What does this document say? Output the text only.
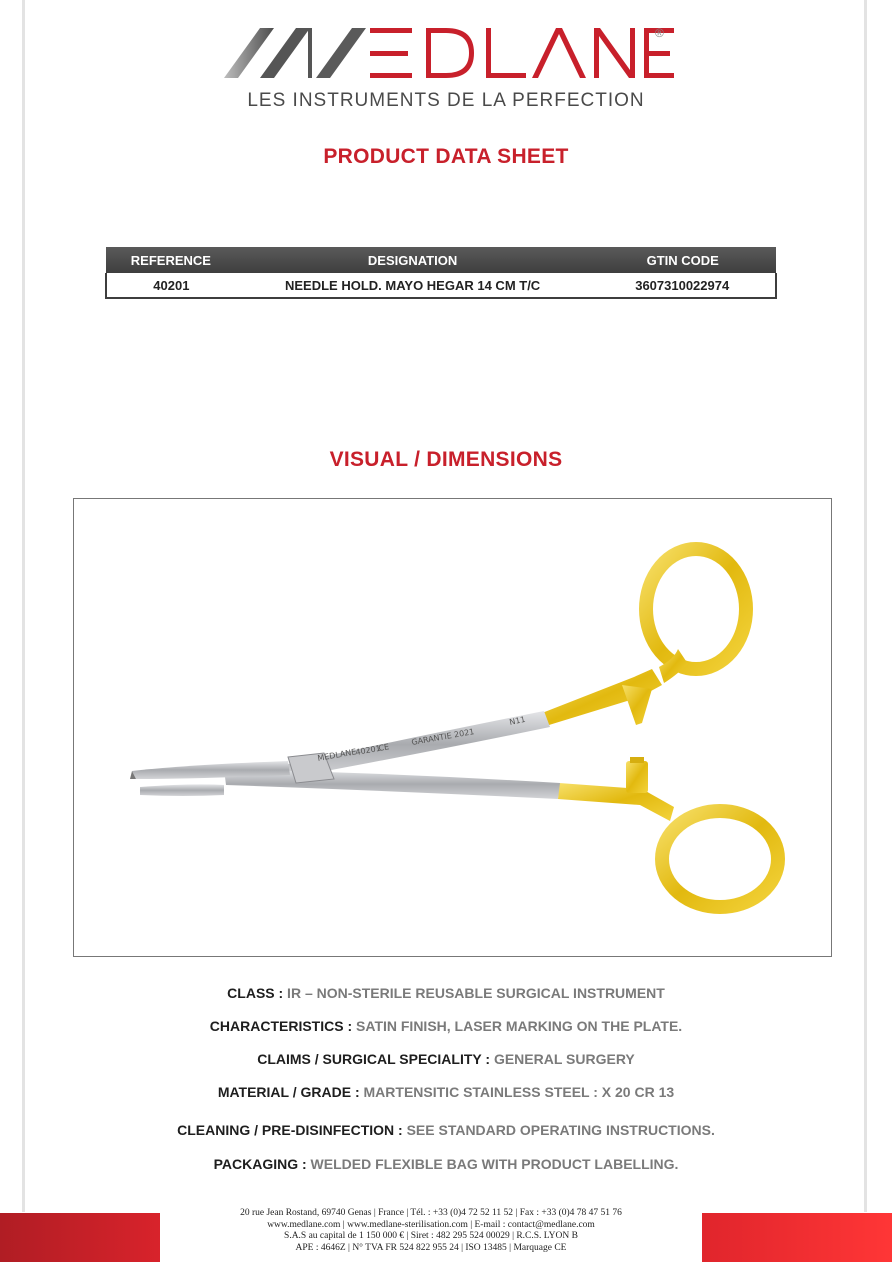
®
LES INSTRUMENTS DE LA PERFECTION
PRODUCT DATA SHEET
REFERENCE	DESIGNATION	GTIN CODE
40201	NEEDLE HOLD. MAYO HEGAR 14 CM T/C	3607310022974
VISUAL / DIMENSIONS
MEDLANE
40201
CE
GARANTIE 2021
N11
CLASS : IR – NON-STERILE REUSABLE SURGICAL INSTRUMENT
CHARACTERISTICS : SATIN FINISH, LASER MARKING ON THE PLATE.
CLAIMS / SURGICAL SPECIALITY : GENERAL SURGERY
MATERIAL / GRADE : MARTENSITIC STAINLESS STEEL : X 20 CR 13
CLEANING / PRE-DISINFECTION : SEE STANDARD OPERATING INSTRUCTIONS.
PACKAGING : WELDED FLEXIBLE BAG WITH PRODUCT LABELLING.
20 rue Jean Rostand, 69740 Genas | France | Tél. : +33 (0)4 72 52 11 52 | Fax : +33 (0)4 78 47 51 76
www.medlane.com | www.medlane-sterilisation.com | E-mail : contact@medlane.com
S.A.S au capital de 1 150 000 € | Siret : 482 295 524 00029 | R.C.S. LYON B
APE : 4646Z | N° TVA FR 524 822 955 24 | ISO 13485 | Marquage CE
